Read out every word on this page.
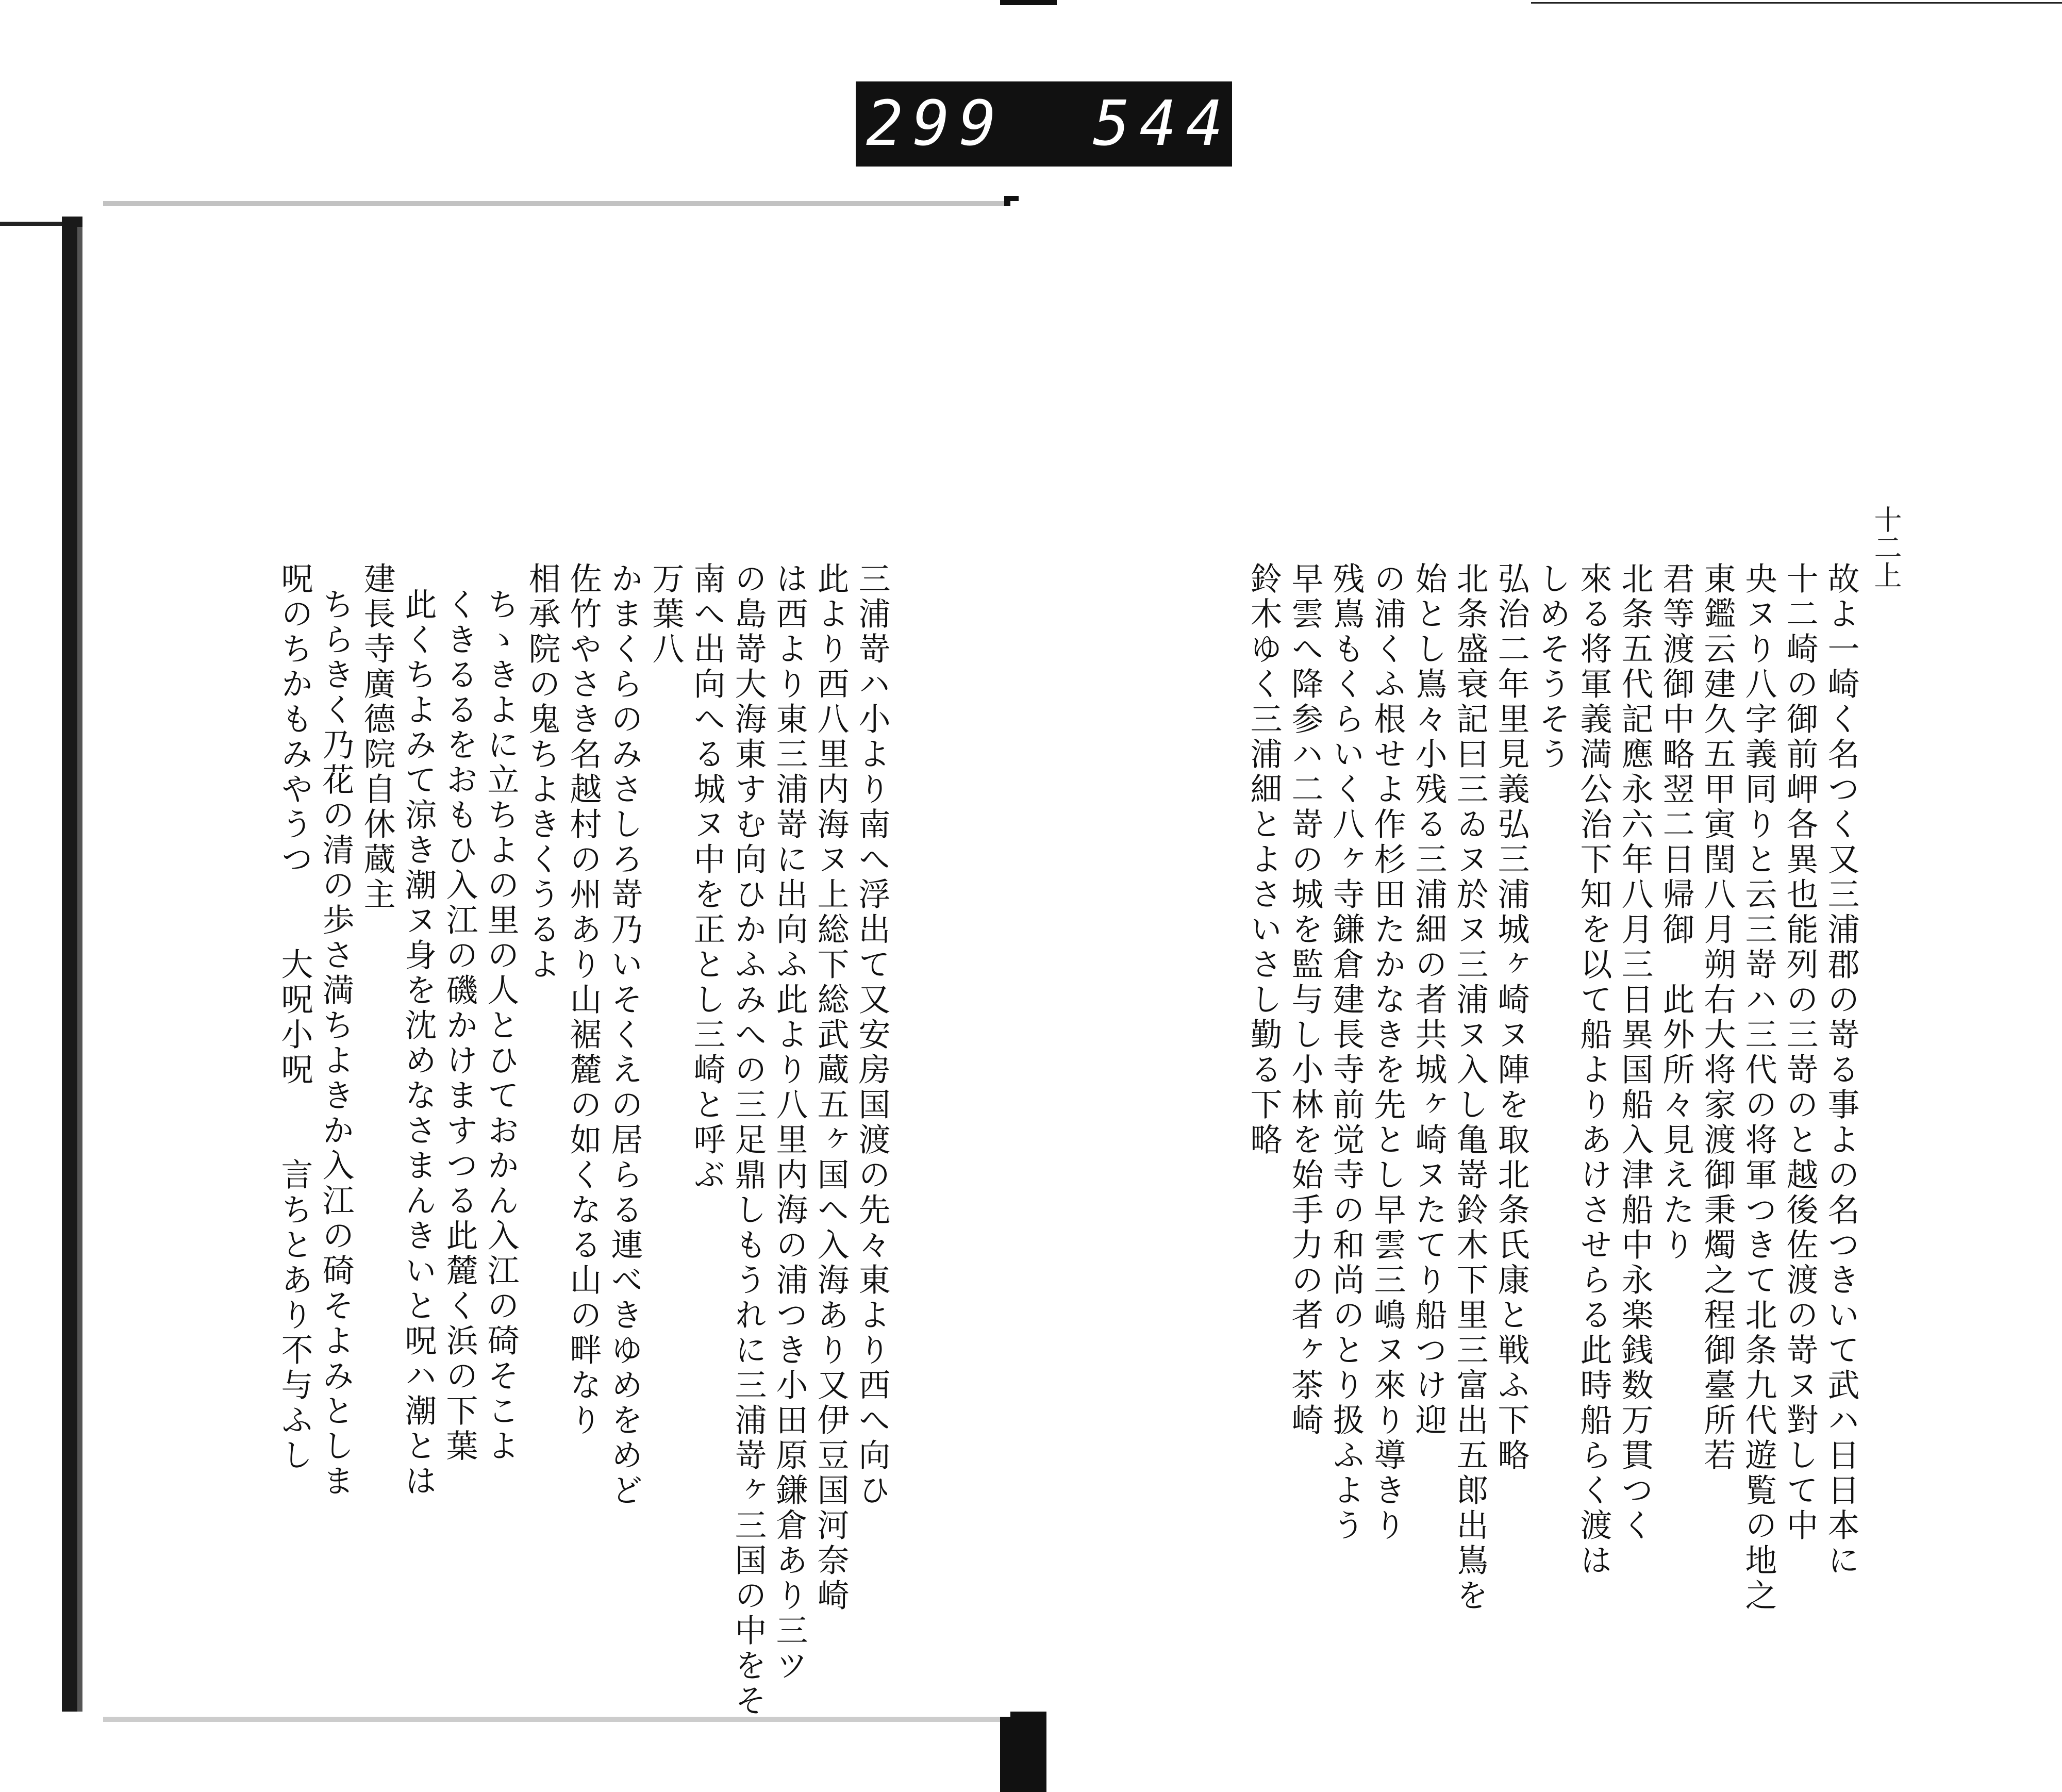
299 544.
十二上
故よ一崎く名つく又三浦郡の嵜る事よの名つきいて武ハ日日本に
十二崎の御前岬各異也能列の三嵜のと越後佐渡の嵜ヌ對して中
央ヌり八字義同りと云三嵜ハ三代の将軍つきて北条九代遊覧の地之
東鑑云建久五甲寅閏八月朔右大将家渡御秉燭之程御臺所若
君等渡御中略翌二日帰御　此外所々見えたり
北条五代記應永六年八月三日異国船入津船中永楽銭数万貫つく
來る将軍義満公治下知を以て船よりあけさせらる此時船らく渡は
しめそうそう
弘治二年里見義弘三浦城ヶ崎ヌ陣を取北条氏康と戦ふ下略
北条盛衰記曰三ゐヌ於ヌ三浦ヌ入し亀嵜鈴木下里三富出五郎出嶌を
始とし嶌々小残る三浦細の者共城ヶ崎ヌたてり船つけ迎
の浦くふ根せよ作杉田たかなきを先とし早雲三嶋ヌ來り導きり
残嶌もくらいく八ヶ寺鎌倉建長寺前觉寺の和尚のとり扱ふよう
早雲へ降参ハ二嵜の城を監与し小林を始手力の者ヶ茶崎
鈴木ゆく三浦細とよさいさし勤る下略
三浦嵜ハ小より南へ浮出て又安房国渡の先々東より西へ向ひ
此より西八里内海ヌ上総下総武蔵五ヶ国へ入海あり又伊豆国河奈崎
は西より東三浦嵜に出向ふ此より八里内海の浦つき小田原鎌倉あり三ツ
の島嵜大海東すむ向ひかふみへの三足鼎しもうれに三浦嵜ヶ三国の中をそ
南へ出向へる城ヌ中を正とし三崎と呼ぶ
万葉八
かまくらのみさしろ嵜乃いそくえの居らる連べきゆめをめど
佐竹やさき名越村の州あり山裾麓の如くなる山の畔なり
相承院の鬼ちよきくうるよ
ちゝきよに立ちよの里の人とひておかん入江の碕そこよ
くきるるをおもひ入江の磯かけますつる此麓く浜の下葉
此くちよみて涼き潮ヌ身を沈めなさまんきいと呪ハ潮とは
建長寺廣德院自休蔵主
ちらきく乃花の清の歩さ満ちよきか入江の碕そよみとしま
呪のちかもみやうつ　　大呪小呪　　言ちとあり不与ふし
